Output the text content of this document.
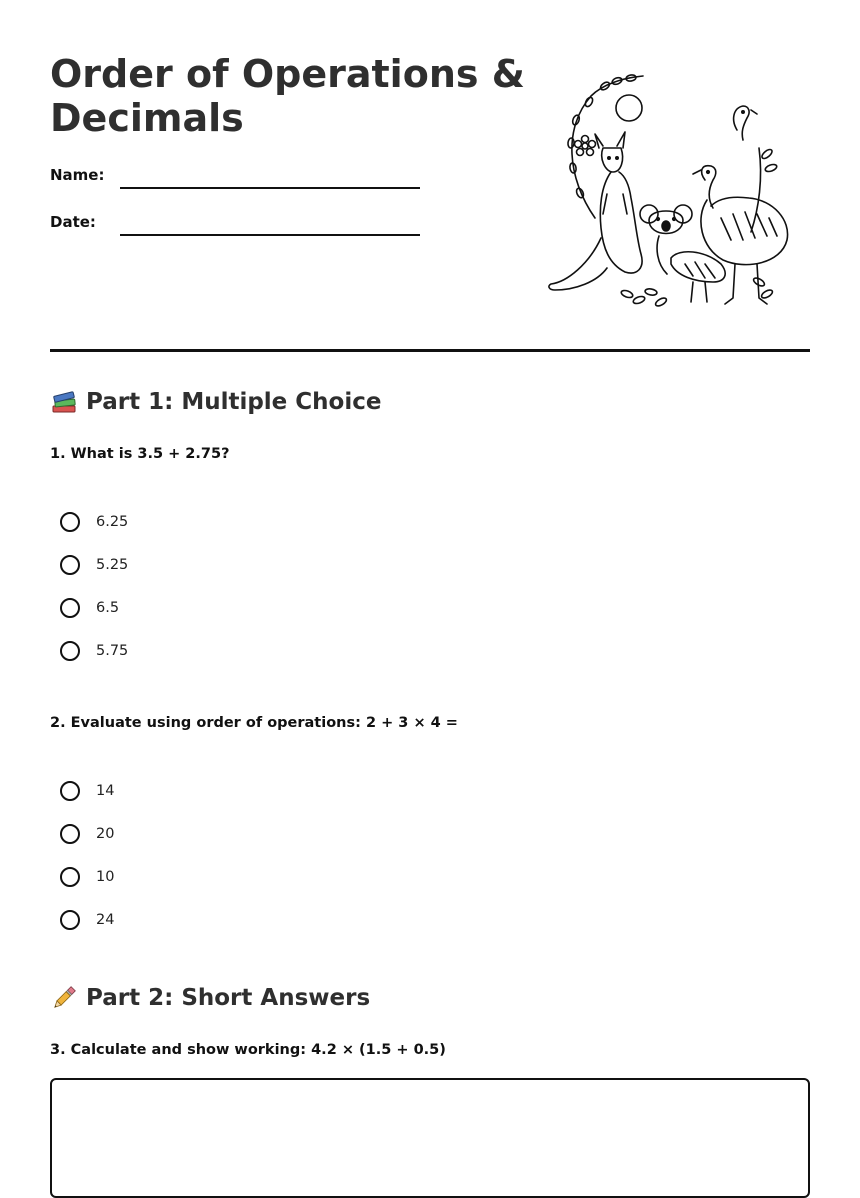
Order of Operations & Decimals
Name:
Date:
Part 1: Multiple Choice
1. What is 3.5 + 2.75?
6.25
5.25
6.5
5.75
2. Evaluate using order of operations: 2 + 3 × 4 =
14
20
10
24
Part 2: Short Answers
3. Calculate and show working: 4.2 × (1.5 + 0.5)
